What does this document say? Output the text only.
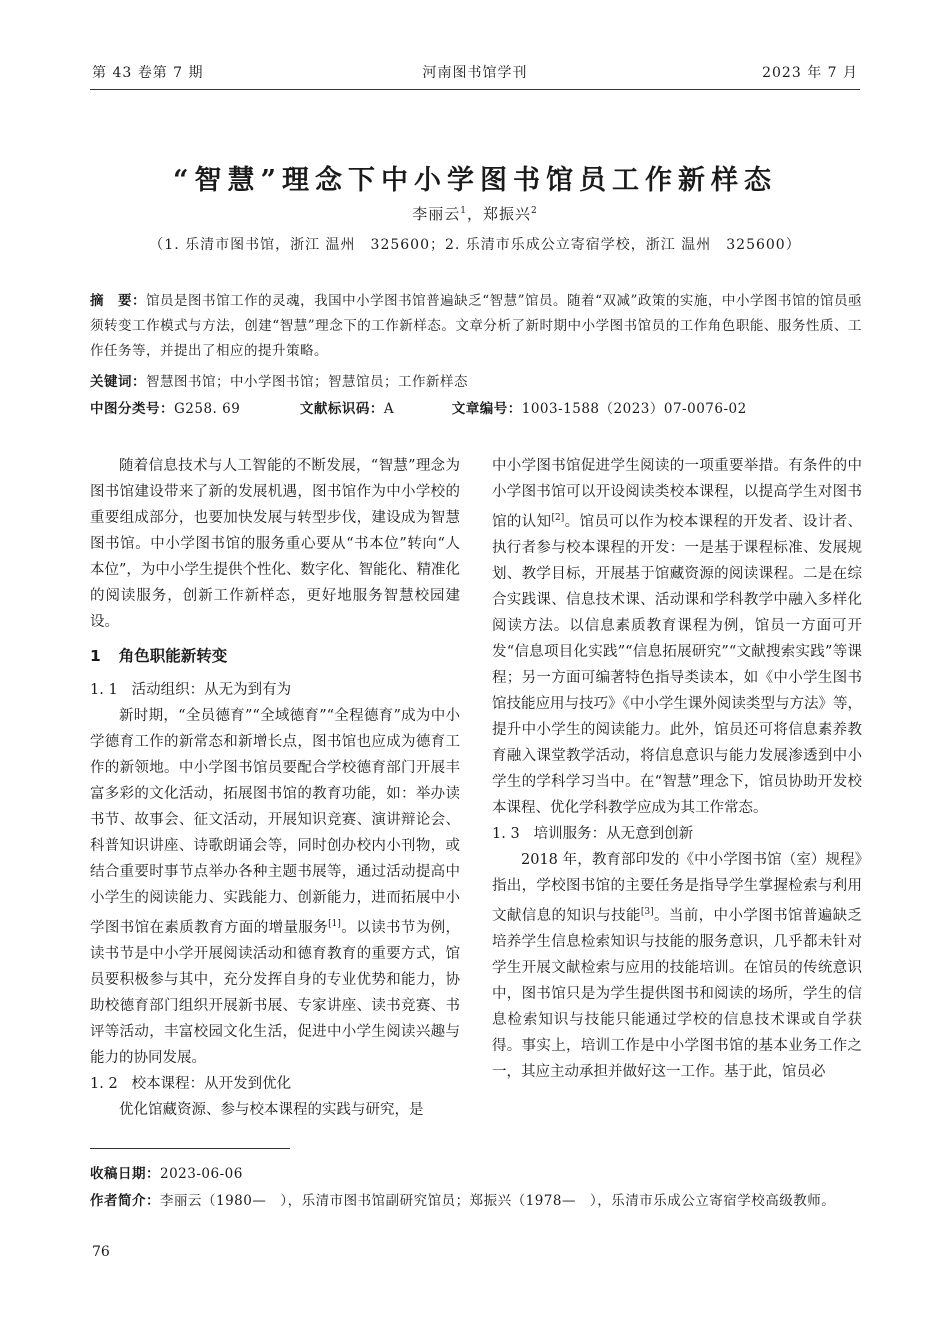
第 43 卷第 7 期	河南图书馆学刊	2023 年 7 月
“智慧”理念下中小学图书馆员工作新样态
李丽云$^1$，郑振兴$^2$
（1. 乐清市图书馆，浙江 温州　325600；2. 乐清市乐成公立寄宿学校，浙江 温州　325600）
摘　要：馆员是图书馆工作的灵魂，我国中小学图书馆普遍缺乏“智慧”馆员。随着“双减”政策的实施，中小学图书馆的馆员亟须转变工作模式与方法，创建“智慧”理念下的工作新样态。文章分析了新时期中小学图书馆员的工作角色职能、服务性质、工作任务等，并提出了相应的提升策略。
关键词：智慧图书馆；中小学图书馆；智慧馆员；工作新样态
中图分类号：G258. 69	文献标识码：A	文章编号：1003-1588（2023）07-0076-02

随着信息技术与人工智能的不断发展，“智慧”理念为图书馆建设带来了新的发展机遇，图书馆作为中小学校的重要组成部分，也要加快发展与转型步伐，建设成为智慧图书馆。中小学图书馆的服务重心要从“书本位”转向“人本位”，为中小学生提供个性化、数字化、智能化、精准化的阅读服务，创新工作新样态，更好地服务智慧校园建设。

1 角色职能新转变

1. 1 活动组织：从无为到有为

新时期，“全员德育”“全域德育”“全程德育”成为中小学德育工作的新常态和新增长点，图书馆也应成为德育工作的新领地。中小学图书馆员要配合学校德育部门开展丰富多彩的文化活动，拓展图书馆的教育功能，如：举办读书节、故事会、征文活动，开展知识竞赛、演讲辩论会、科普知识讲座、诗歌朗诵会等，同时创办校内小刊物，或结合重要时事节点举办各种主题书展等，通过活动提高中小学生的阅读能力、实践能力、创新能力，进而拓展中小学图书馆在素质教育方面的增量服务[1]。以读书节为例，读书节是中小学开展阅读活动和德育教育的重要方式，馆员要积极参与其中，充分发挥自身的专业优势和能力，协助校德育部门组织开展新书展、专家讲座、读书竞赛、书评等活动，丰富校园文化生活，促进中小学生阅读兴趣与能力的协同发展。

1. 2 校本课程：从开发到优化

优化馆藏资源、参与校本课程的实践与研究，是

中小学图书馆促进学生阅读的一项重要举措。有条件的中小学图书馆可以开设阅读类校本课程，以提高学生对图书馆的认知[2]。馆员可以作为校本课程的开发者、设计者、执行者参与校本课程的开发：一是基于课程标准、发展规划、教学目标，开展基于馆藏资源的阅读课程。二是在综合实践课、信息技术课、活动课和学科教学中融入多样化阅读方法。以信息素质教育课程为例，馆员一方面可开发“信息项目化实践”“信息拓展研究”“文献搜索实践”等课程；另一方面可编著特色指导类读本，如《中小学生图书馆技能应用与技巧》《中小学生课外阅读类型与方法》等，提升中小学生的阅读能力。此外，馆员还可将信息素养教育融入课堂教学活动，将信息意识与能力发展渗透到中小学生的学科学习当中。在“智慧”理念下，馆员协助开发校本课程、优化学科教学应成为其工作常态。

1. 3 培训服务：从无意到创新

2018 年，教育部印发的《中小学图书馆（室）规程》指出，学校图书馆的主要任务是指导学生掌握检索与利用文献信息的知识与技能[3]。当前，中小学图书馆普遍缺乏培养学生信息检索知识与技能的服务意识，几乎都未针对学生开展文献检索与应用的技能培训。在馆员的传统意识中，图书馆只是为学生提供图书和阅读的场所，学生的信息检索知识与技能只能通过学校的信息技术课或自学获得。事实上，培训工作是中小学图书馆的基本业务工作之一，其应主动承担并做好这一工作。基于此，馆员必

收稿日期：2023-06-06
作者简介：李丽云（1980—　），乐清市图书馆副研究馆员；郑振兴（1978—　），乐清市乐成公立寄宿学校高级教师。
76
